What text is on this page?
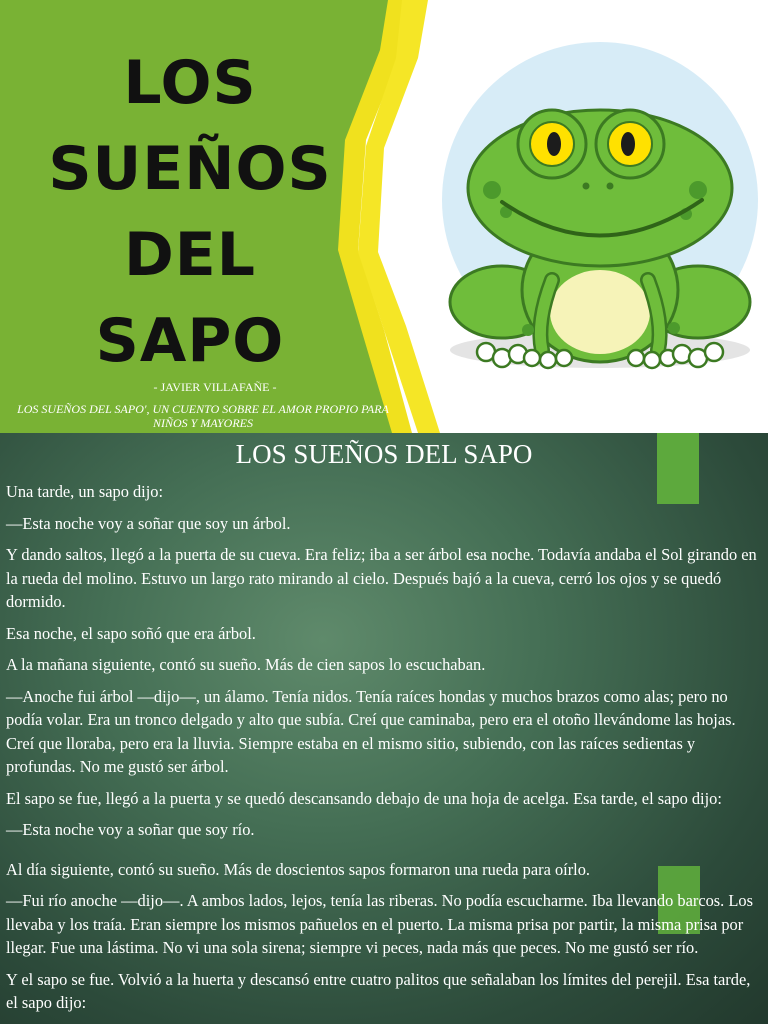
LOS
SUEÑOS
DEL
SAPO
- JAVIER VILLAFAÑE -
LOS SUEÑOS DEL SAPO', UN CUENTO SOBRE EL AMOR PROPIO PARA NIÑOS Y MAYORES
LOS SUEÑOS DEL SAPO

Una tarde, un sapo dijo:

—Esta noche voy a soñar que soy un árbol.

Y dando saltos, llegó a la puerta de su cueva. Era feliz; iba a ser árbol esa noche. Todavía andaba el Sol girando en la rueda del molino. Estuvo un largo rato mirando al cielo. Después bajó a la cueva, cerró los ojos y se quedó dormido.

Esa noche, el sapo soñó que era árbol.

A la mañana siguiente, contó su sueño. Más de cien sapos lo escuchaban.

—Anoche fui árbol —dijo—, un álamo. Tenía nidos. Tenía raíces hondas y muchos brazos como alas; pero no podía volar. Era un tronco delgado y alto que subía. Creí que caminaba, pero era el otoño llevándome las hojas. Creí que lloraba, pero era la lluvia. Siempre estaba en el mismo sitio, subiendo, con las raíces sedientas y profundas. No me gustó ser árbol.

El sapo se fue, llegó a la puerta y se quedó descansando debajo de una hoja de acelga. Esa tarde, el sapo dijo:

—Esta noche voy a soñar que soy río.

Al día siguiente, contó su sueño. Más de doscientos sapos formaron una rueda para oírlo.

—Fui río anoche —dijo—. A ambos lados, lejos, tenía las riberas. No podía escucharme. Iba llevando barcos. Los llevaba y los traía. Eran siempre los mismos pañuelos en el puerto. La misma prisa por partir, la misma prisa por llegar. Fue una lástima. No vi una sola sirena; siempre vi peces, nada más que peces. No me gustó ser río.

Y el sapo se fue. Volvió a la huerta y descansó entre cuatro palitos que señalaban los límites del perejil. Esa tarde, el sapo dijo:
